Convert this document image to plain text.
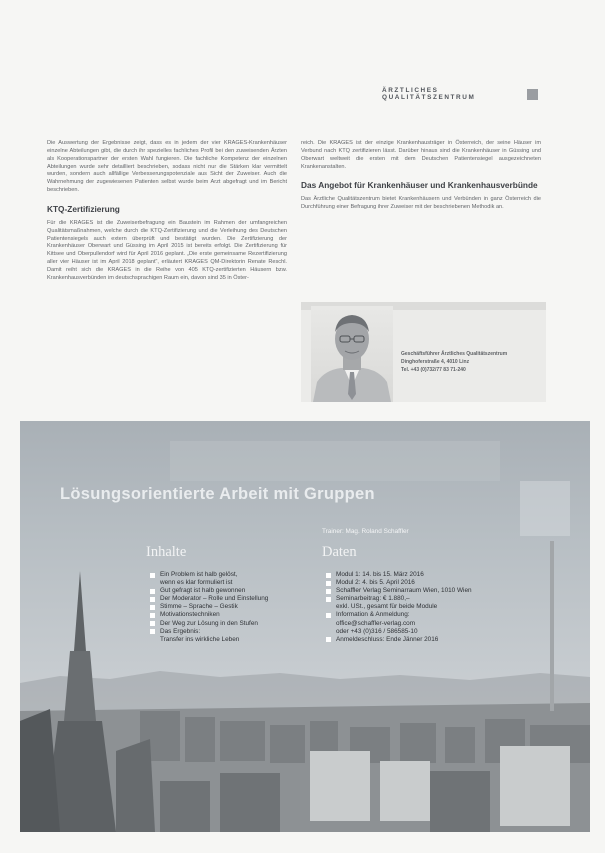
ÄRZTLICHES QUALITÄTSZENTRUM

Die Auswertung der Ergebnisse zeigt, dass es in jedem der vier KRAGES-Krankenhäuser einzelne Abteilungen gibt, die durch ihr spezielles fachliches Profil bei den zuweisenden Ärzten als Kooperationspartner der ersten Wahl fungieren. Die fachliche Kompetenz der einzelnen Abteilungen wurde sehr detailliert beschrieben, sodass nicht nur die Stärken klar vermittelt wurden, sondern auch allfällige Verbesserungspotenziale aus Sicht der Zuweiser. Auch die Wahrnehmung der zugewiesenen Patienten selbst wurde beim Arzt abgefragt und im Bericht beschrieben.

KTQ-Zertifizierung

Für die KRAGES ist die Zuweiserbefragung ein Baustein im Rahmen der umfangreichen Qualitätsmaßnahmen, welche durch die KTQ-Zertifizierung und die Verleihung des Deutschen Patientensiegels auch extern überprüft und bestätigt wurden. Die Zertifizierung der Krankenhäuser Oberwart und Güssing im April 2015 ist bereits erfolgt. Die Zertifizierung für Kittsee und Oberpullendorf wird für April 2016 geplant. „Die erste gemeinsame Rezertifizierung aller vier Häuser ist im April 2018 geplant“, erläutert KRAGES QM-Direktorin Renate Reschl. Damit reiht sich die KRAGES in die Reihe von 405 KTQ-zertifizierten Häusern bzw. Krankenhausverbünden im deutschsprachigen Raum ein, davon sind 35 in Öster-

reich. Die KRAGES ist der einzige Krankenhausträger in Österreich, der seine Häuser im Verbund nach KTQ zertifizieren lässt. Darüber hinaus sind die Krankenhäuser in Güssing und Oberwart weltweit die ersten mit dem Deutschen Patientensiegel ausgezeichneten Krankenanstalten.

Das Angebot für Krankenhäuser und Krankenhausverbünde

Das Ärztliche Qualitätszentrum bietet Krankenhäusern und Verbünden in ganz Österreich die Durchführung einer Befragung ihrer Zuweiser mit der beschriebenen Methodik an.

Geschäftsführer Ärztliches Qualitätszentrum
Dinghoferstraße 4, 4010 Linz
Tel. +43 (0)732/77 83 71-240
Lösungsorientierte Arbeit mit Gruppen
Trainer: Mag. Roland Schaffler
Inhalte	Daten
Ein Problem ist halb gelöst,
wenn es klar formuliert ist
Gut gefragt ist halb gewonnen
Der Moderator – Rolle und Einstellung
Stimme – Sprache – Gestik
Motivationstechniken
Der Weg zur Lösung in den Stufen
Das Ergebnis:
Transfer ins wirkliche Leben
Modul 1: 14. bis 15. März 2016
Modul 2: 4. bis 5. April 2016
Schaffler Verlag Seminarraum Wien, 1010 Wien
Seminarbeitrag: € 1.880,–
exkl. USt., gesamt für beide Module
Information & Anmeldung:
office@schaffler-verlag.com
oder +43 (0)316 / 586585-10
Anmeldeschluss: Ende Jänner 2016
